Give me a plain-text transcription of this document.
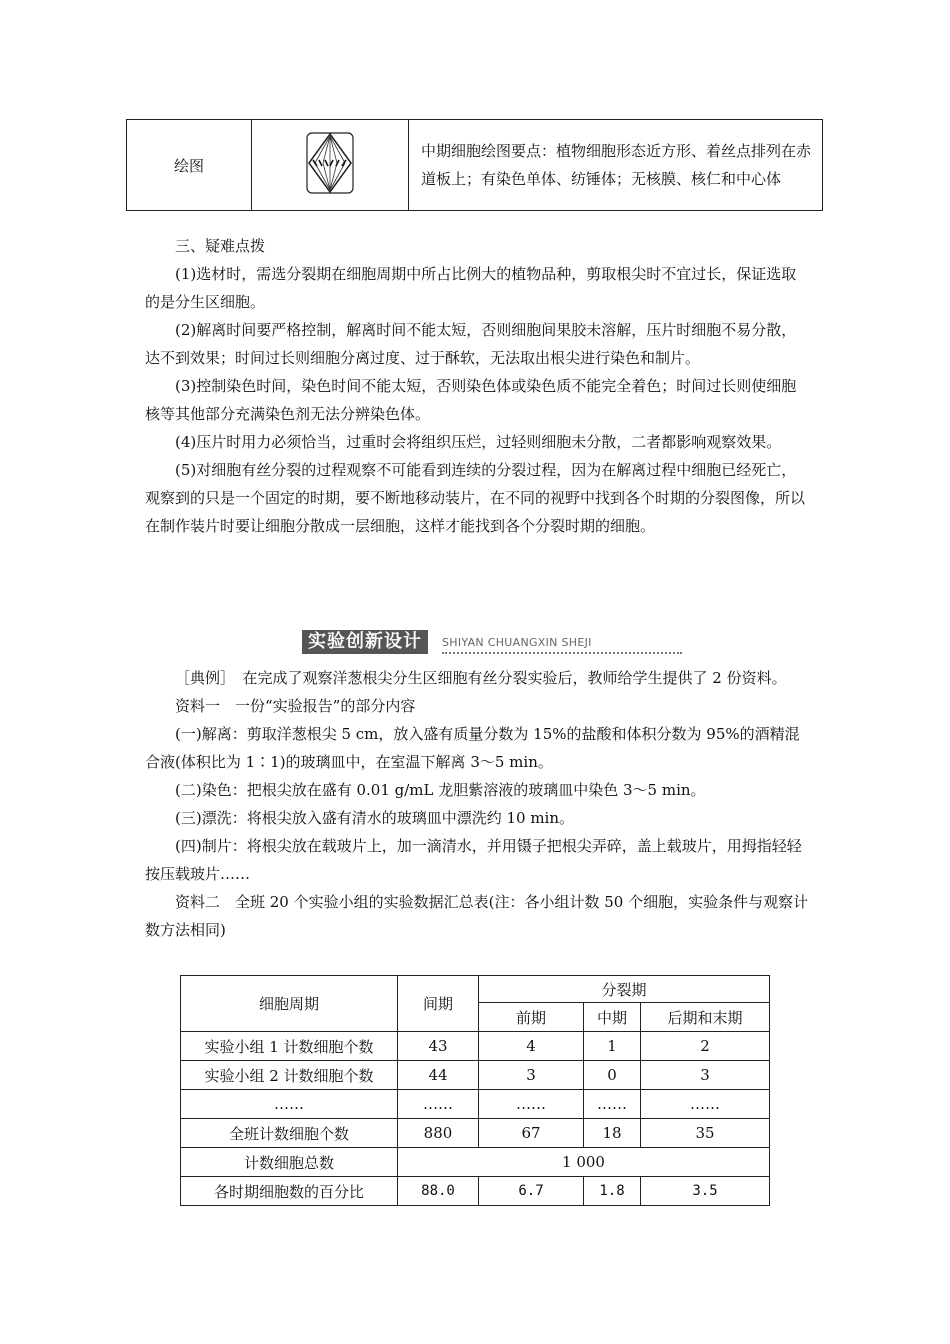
绘图		中期细胞绘图要点：植物细胞形态近方形、着丝点排列在赤道板上；有染色单体、纺锤体；无核膜、核仁和中心体

三、疑难点拨

(1)选材时，需选分裂期在细胞周期中所占比例大的植物品种，剪取根尖时不宜过长，保证选取的是分生区细胞。

(2)解离时间要严格控制，解离时间不能太短，否则细胞间果胶未溶解，压片时细胞不易分散，达不到效果；时间过长则细胞分离过度、过于酥软，无法取出根尖进行染色和制片。

(3)控制染色时间，染色时间不能太短，否则染色体或染色质不能完全着色；时间过长则使细胞核等其他部分充满染色剂无法分辨染色体。

(4)压片时用力必须恰当，过重时会将组织压烂，过轻则细胞未分散，二者都影响观察效果。

(5)对细胞有丝分裂的过程观察不可能看到连续的分裂过程，因为在解离过程中细胞已经死亡，观察到的只是一个固定的时期，要不断地移动装片，在不同的视野中找到各个时期的分裂图像，所以在制作装片时要让细胞分散成一层细胞，这样才能找到各个分裂时期的细胞。

实验创新设计	SHIYAN CHUANGXIN SHEJI

［典例］　在完成了观察洋葱根尖分生区细胞有丝分裂实验后，教师给学生提供了 2 份资料。

资料一　一份“实验报告”的部分内容

(一)解离：剪取洋葱根尖 5 cm，放入盛有质量分数为 15%的盐酸和体积分数为 95%的酒精混合液(体积比为 1∶1)的玻璃皿中，在室温下解离 3～5 min。

(二)染色：把根尖放在盛有 0.01 g/mL 龙胆紫溶液的玻璃皿中染色 3～5 min。

(三)漂洗：将根尖放入盛有清水的玻璃皿中漂洗约 10 min。

(四)制片：将根尖放在载玻片上，加一滴清水，并用镊子把根尖弄碎，盖上载玻片，用拇指轻轻按压载玻片……

资料二　全班 20 个实验小组的实验数据汇总表(注：各小组计数 50 个细胞，实验条件与观察计数方法相同)

细胞周期	间期	分裂期		
		前期	中期	后期和末期
实验小组 1 计数细胞个数	43	4	1	2
实验小组 2 计数细胞个数	44	3	0	3
……	……	……	……	……
全班计数细胞个数	880	67	18	35
计数细胞总数	1 000			
各时期细胞数的百分比	88.0	6.7	1.8	3.5
